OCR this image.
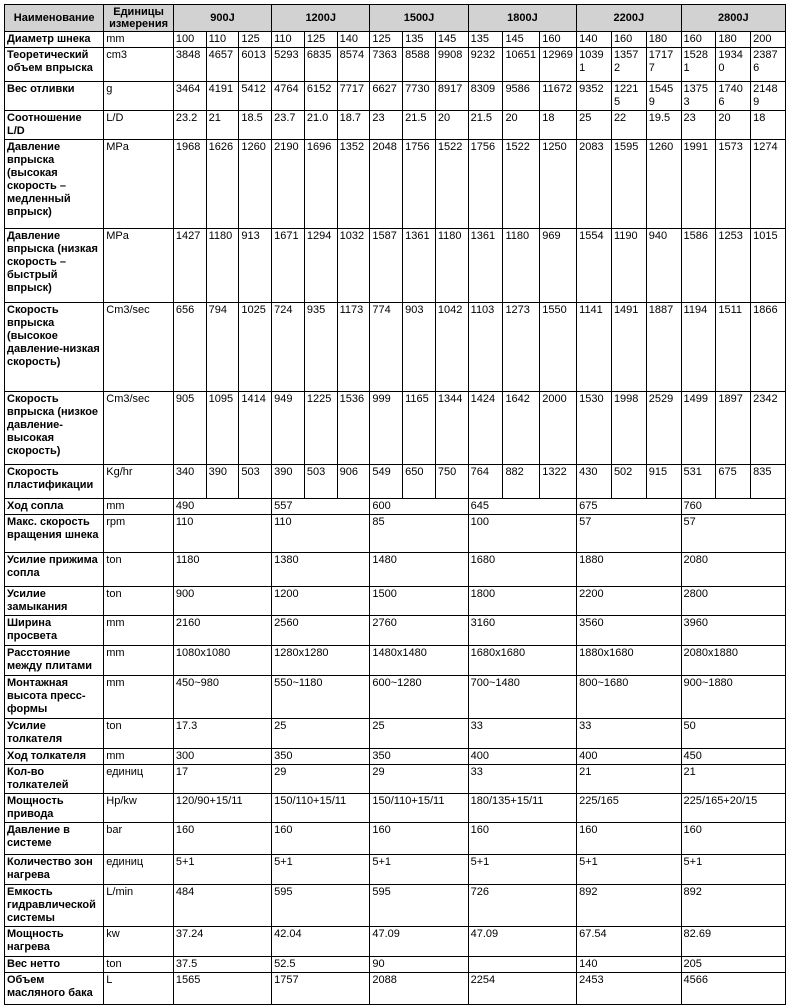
Наименование	Единицы измерения	900J			1200J			1500J			1800J			2200J			2800J		
Диаметр шнека	mm	100	110	125	110	125	140	125	135	145	135	145	160	140	160	180	160	180	200
Теоретический объем впрыска	cm3	3848	4657	6013	5293	6835	8574	7363	8588	9908	9232	10651	12969	10391	13572	17177	15281	19340	23876
Вес отливки	g	3464	4191	5412	4764	6152	7717	6627	7730	8917	8309	9586	11672	9352	12215	15459	13753	17406	21489
Соотношение L/D	L/D	23.2	21	18.5	23.7	21.0	18.7	23	21.5	20	21.5	20	18	25	22	19.5	23	20	18
Давление впрыска (высокая скорость – медленный впрыск)	MPa	1968	1626	1260	2190	1696	1352	2048	1756	1522	1756	1522	1250	2083	1595	1260	1991	1573	1274
Давление впрыска (низкая скорость – быстрый впрыск)	MPa	1427	1180	913	1671	1294	1032	1587	1361	1180	1361	1180	969	1554	1190	940	1586	1253	1015
Скорость впрыска (высокое давление-низкая скорость)	Cm3/sec	656	794	1025	724	935	1173	774	903	1042	1103	1273	1550	1141	1491	1887	1194	1511	1866
Скорость впрыска (низкое давление-высокая скорость)	Cm3/sec	905	1095	1414	949	1225	1536	999	1165	1344	1424	1642	2000	1530	1998	2529	1499	1897	2342
Скорость пластификации	Kg/hr	340	390	503	390	503	906	549	650	750	764	882	1322	430	502	915	531	675	835
Ход сопла	mm	490			557			600			645			675			760		
Макс. скорость вращения шнека	rpm	110			110			85			100			57			57		
Усилие прижима сопла	ton	1180			1380			1480			1680			1880			2080		
Усилие замыкания	ton	900			1200			1500			1800			2200			2800		
Ширина просвета	mm	2160			2560			2760			3160			3560			3960		
Расстояние между плитами	mm	1080x1080			1280x1280			1480x1480			1680x1680			1880x1680			2080x1880		
Монтажная высота пресс-формы	mm	450~980			550~1180			600~1280			700~1480			800~1680			900~1880		
Усилие толкателя	ton	17.3			25			25			33			33			50		
Ход толкателя	mm	300			350			350			400			400			450		
Кол-во толкателей	единиц	17			29			29			33			21			21		
Мощность привода	Hp/kw	120/90+15/11			150/110+15/11			150/110+15/11			180/135+15/11			225/165			225/165+20/15		
Давление в системе	bar	160			160			160			160			160			160		
Количество зон нагрева	единиц	5+1			5+1			5+1			5+1			5+1			5+1		
Емкость гидравлической системы	L/min	484			595			595			726			892			892		
Мощность нагрева	kw	37.24			42.04			47.09			47.09			67.54			82.69		
Вес нетто	ton	37.5			52.5			90						140			205		
Объем масляного бака	L	1565			1757			2088			2254			2453			4566		
